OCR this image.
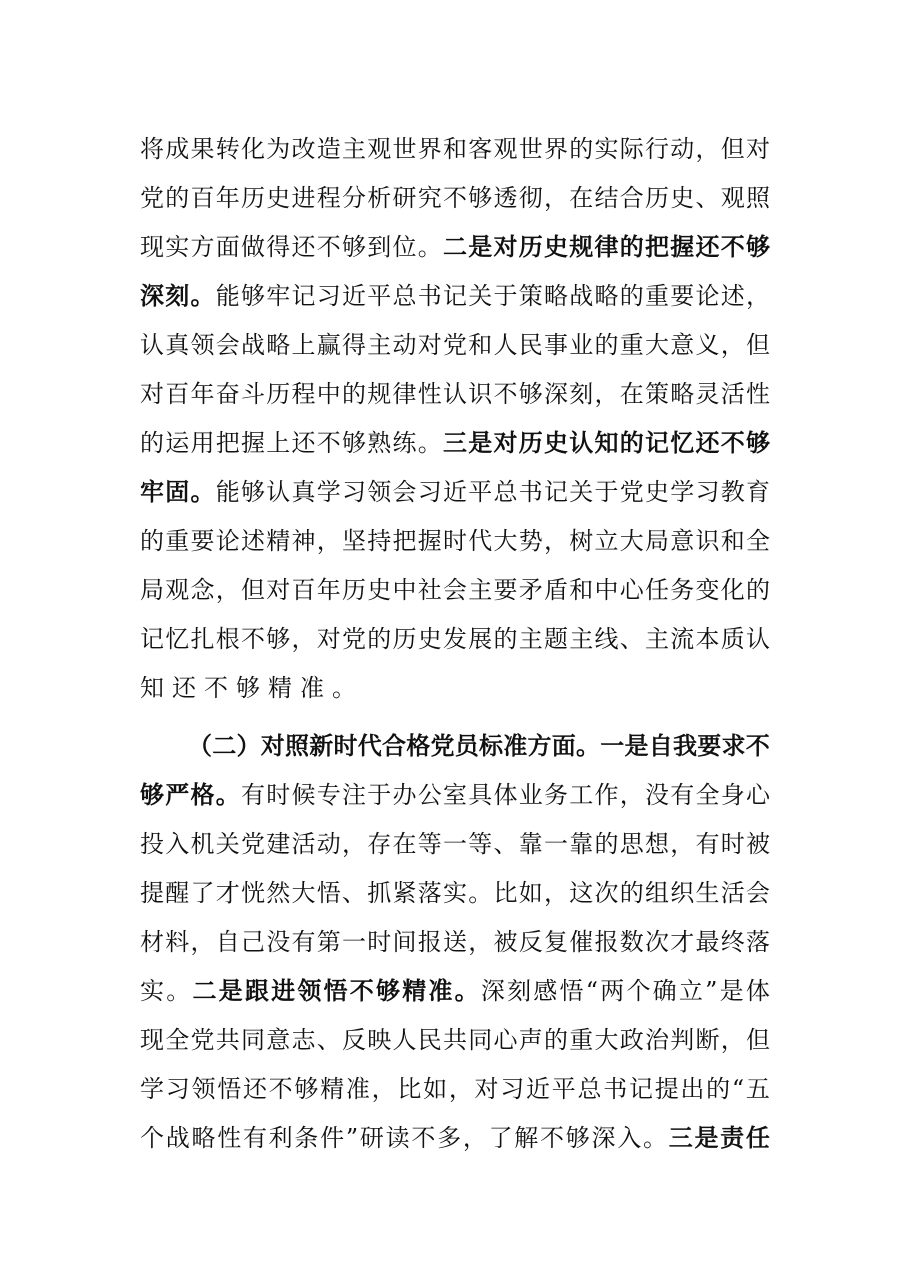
将 成 果 转 化 为 改 造 主 观 世 界 和 客 观 世 界 的 实 际 行 动 ， 但 对
党 的 百 年 历 史 进 程 分 析 研 究 不 够 透 彻 ， 在 结 合 历 史 、 观 照
现 实 方 面 做 得 还 不 够 到 位 。 二 是 对 历 史 规 律 的 把 握 还 不 够
深 刻 。 能 够 牢 记 习 近 平 总 书 记 关 于 策 略 战 略 的 重 要 论 述 ，
认 真 领 会 战 略 上 赢 得 主 动 对 党 和 人 民 事 业 的 重 大 意 义 ， 但
对 百 年 奋 斗 历 程 中 的 规 律 性 认 识 不 够 深 刻 ， 在 策 略 灵 活 性
的 运 用 把 握 上 还 不 够 熟 练 。 三 是 对 历 史 认 知 的 记 忆 还 不 够
牢 固 。 能 够 认 真 学 习 领 会 习 近 平 总 书 记 关 于 党 史 学 习 教 育
的 重 要 论 述 精 神 ， 坚 持 把 握 时 代 大 势 ， 树 立 大 局 意 识 和 全
局 观 念 ， 但 对 百 年 历 史 中 社 会 主 要 矛 盾 和 中 心 任 务 变 化 的
记 忆 扎 根 不 够 ， 对 党 的 历 史 发 展 的 主 题 主 线 、 主 流 本 质 认
知 还 不 够 精 准 。
（ 二 ） 对 照 新 时 代 合 格 党 员 标 准 方 面 。 一 是 自 我 要 求 不
够 严 格 。 有 时 候 专 注 于 办 公 室 具 体 业 务 工 作 ， 没 有 全 身 心
投 入 机 关 党 建 活 动 ， 存 在 等 一 等 、 靠 一 靠 的 思 想 ， 有 时 被
提 醒 了 才 恍 然 大 悟 、 抓 紧 落 实 。 比 如 ， 这 次 的 组 织 生 活 会
材 料 ， 自 己 没 有 第 一 时 间 报 送 ， 被 反 复 催 报 数 次 才 最 终 落
实 。 二 是 跟 进 领 悟 不 够 精 准 。 深 刻 感 悟 “ 两 个 确 立 ” 是 体
现 全 党 共 同 意 志 、 反 映 人 民 共 同 心 声 的 重 大 政 治 判 断 ， 但
学 习 领 悟 还 不 够 精 准 ， 比 如 ， 对 习 近 平 总 书 记 提 出 的 “ 五
个 战 略 性 有 利 条 件 ” 研 读 不 多 ， 了 解 不 够 深 入 。 三 是 责 任
